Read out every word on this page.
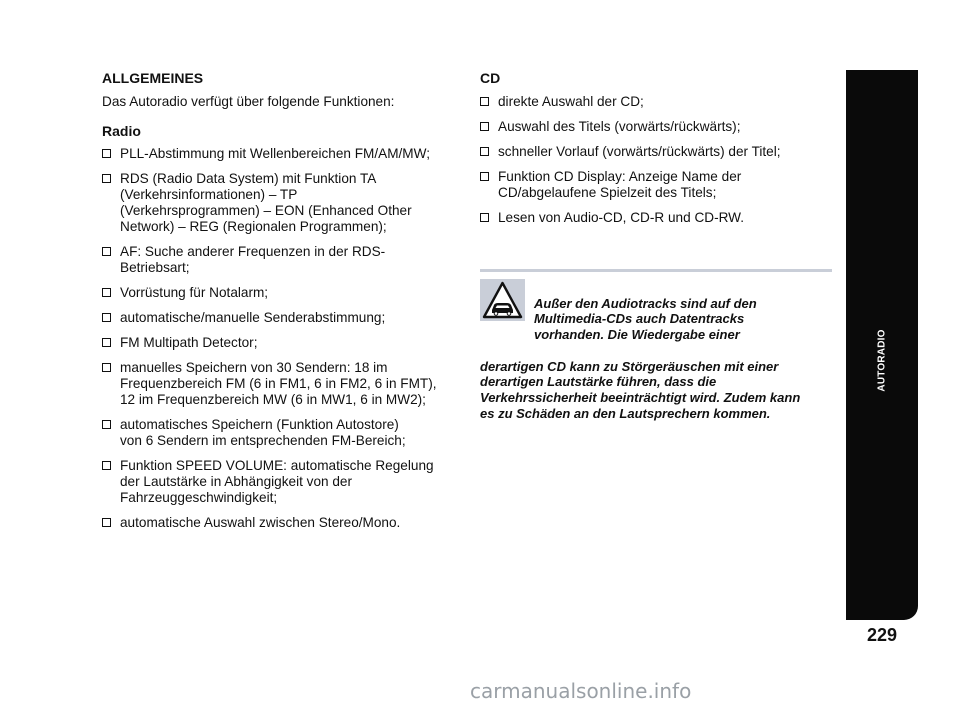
ALLGEMEINES
Das Autoradio verfügt über folgende Funktionen:
Radio
PLL-Abstimmung mit Wellenbereichen FM/AM/MW;
RDS (Radio Data System) mit Funktion TA
(Verkehrsinformationen) – TP
(Verkehrsprogrammen) – EON (Enhanced Other
Network) – REG (Regionalen Programmen);
AF: Suche anderer Frequenzen in der RDS-
Betriebsart;
Vorrüstung für Notalarm;
automatische/manuelle Senderabstimmung;
FM Multipath Detector;
manuelles Speichern von 30 Sendern: 18 im
Frequenzbereich FM (6 in FM1, 6 in FM2, 6 in FMT),
12 im Frequenzbereich MW (6 in MW1, 6 in MW2);
automatisches Speichern (Funktion Autostore)
von 6 Sendern im entsprechenden FM-Bereich;
Funktion SPEED VOLUME: automatische Regelung
der Lautstärke in Abhängigkeit von der
Fahrzeuggeschwindigkeit;
automatische Auswahl zwischen Stereo/Mono.
CD
direkte Auswahl der CD;
Auswahl des Titels (vorwärts/rückwärts);
schneller Vorlauf (vorwärts/rückwärts) der Titel;
Funktion CD Display: Anzeige Name der
CD/abgelaufene Spielzeit des Titels;
Lesen von Audio-CD, CD-R und CD-RW.

Außer den Audiotracks sind auf den
Multimedia-CDs auch Datentracks
vorhanden. Die Wiedergabe einer

derartigen CD kann zu Störgeräuschen mit einer
derartigen Lautstärke führen, dass die
Verkehrssicherheit beeinträchtigt wird. Zudem kann
es zu Schäden an den Lautsprechern kommen.

AUTORADIO
229
carmanualsonline.info
